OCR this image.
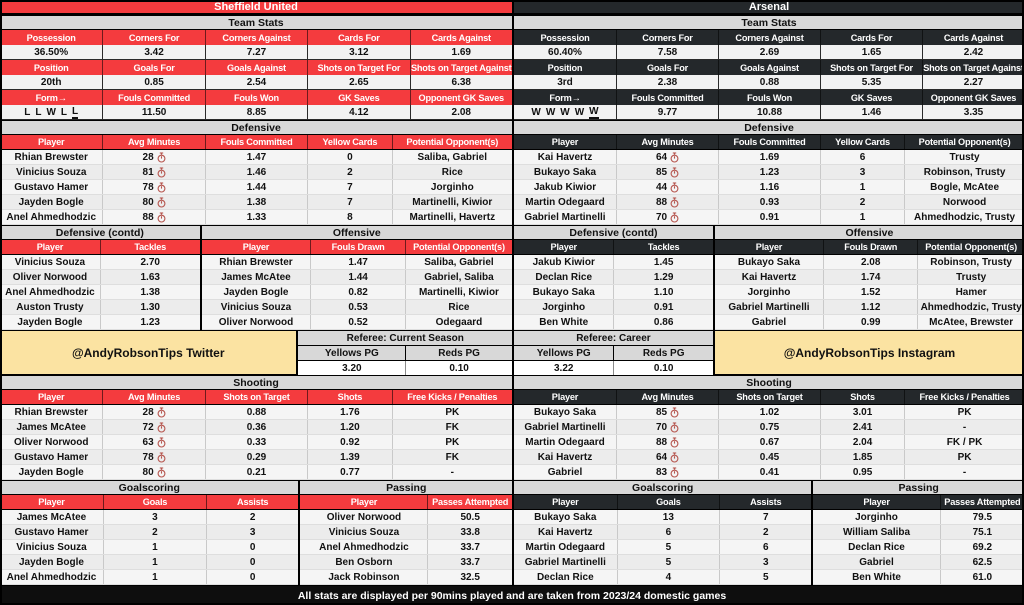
Sheffield United
Team Stats
Possession	Corners For	Corners Against	Cards For	Cards Against
36.50%	3.42	7.27	3.12	1.69
Position	Goals For	Goals Against	Shots on Target For	Shots on Target Against
20th	0.85	2.54	2.65	6.38
Form→	Fouls Committed	Fouls Won	GK Saves	Opponent GK Saves
L L W L L	11.50	8.85	4.12	2.08
Defensive
Player	Avg Minutes	Fouls Committed	Yellow Cards	Potential Opponent(s)
Rhian Brewster	28	1.47	0	Saliba, Gabriel
Vinicius Souza	81	1.46	2	Rice
Gustavo Hamer	78	1.44	7	Jorginho
Jayden Bogle	80	1.38	7	Martinelli, Kiwior
Anel Ahmedhodzic	88	1.33	8	Martinelli, Havertz
Defensive (contd)
Player	Tackles
Vinicius Souza	2.70
Oliver Norwood	1.63
Anel Ahmedhodzic	1.38
Auston Trusty	1.30
Jayden Bogle	1.23
Offensive
Player	Fouls Drawn	Potential Opponent(s)
Rhian Brewster	1.47	Saliba, Gabriel
James McAtee	1.44	Gabriel, Saliba
Jayden Bogle	0.82	Martinelli, Kiwior
Vinicius Souza	0.53	Rice
Oliver Norwood	0.52	Odegaard
@AndyRobsonTips Twitter
Referee: Current Season
Yellows PG	Reds PG
3.20	0.10
Shooting
Player	Avg Minutes	Shots on Target	Shots	Free Kicks / Penalties
Rhian Brewster	28	0.88	1.76	PK
James McAtee	72	0.36	1.20	FK
Oliver Norwood	63	0.33	0.92	PK
Gustavo Hamer	78	0.29	1.39	FK
Jayden Bogle	80	0.21	0.77	-
Goalscoring
Player	Goals	Assists
James McAtee	3	2
Gustavo Hamer	2	3
Vinicius Souza	1	0
Jayden Bogle	1	0
Anel Ahmedhodzic	1	0
Passing
Player	Passes Attempted
Oliver Norwood	50.5
Vinicius Souza	33.8
Anel Ahmedhodzic	33.7
Ben Osborn	33.7
Jack Robinson	32.5
Arsenal
Team Stats
Possession	Corners For	Corners Against	Cards For	Cards Against
60.40%	7.58	2.69	1.65	2.42
Position	Goals For	Goals Against	Shots on Target For	Shots on Target Against
3rd	2.38	0.88	5.35	2.27
Form→	Fouls Committed	Fouls Won	GK Saves	Opponent GK Saves
W W W W W	9.77	10.88	1.46	3.35
Defensive
Player	Avg Minutes	Fouls Committed	Yellow Cards	Potential Opponent(s)
Kai Havertz	64	1.69	6	Trusty
Bukayo Saka	85	1.23	3	Robinson, Trusty
Jakub Kiwior	44	1.16	1	Bogle, McAtee
Martin Odegaard	88	0.93	2	Norwood
Gabriel Martinelli	70	0.91	1	Ahmedhodzic, Trusty
Defensive (contd)
Player	Tackles
Jakub Kiwior	1.45
Declan Rice	1.29
Bukayo Saka	1.10
Jorginho	0.91
Ben White	0.86
Offensive
Player	Fouls Drawn	Potential Opponent(s)
Bukayo Saka	2.08	Robinson, Trusty
Kai Havertz	1.74	Trusty
Jorginho	1.52	Hamer
Gabriel Martinelli	1.12	Ahmedhodzic, Trusty
Gabriel	0.99	McAtee, Brewster
Referee: Career
Yellows PG	Reds PG
3.22	0.10
@AndyRobsonTips Instagram
Shooting
Player	Avg Minutes	Shots on Target	Shots	Free Kicks / Penalties
Bukayo Saka	85	1.02	3.01	PK
Gabriel Martinelli	70	0.75	2.41	-
Martin Odegaard	88	0.67	2.04	FK / PK
Kai Havertz	64	0.45	1.85	PK
Gabriel	83	0.41	0.95	-
Goalscoring
Player	Goals	Assists
Bukayo Saka	13	7
Kai Havertz	6	2
Martin Odegaard	5	6
Gabriel Martinelli	5	3
Declan Rice	4	5
Passing
Player	Passes Attempted
Jorginho	79.5
William Saliba	75.1
Declan Rice	69.2
Gabriel	62.5
Ben White	61.0
All stats are displayed per 90mins played and are taken from 2023/24 domestic games
